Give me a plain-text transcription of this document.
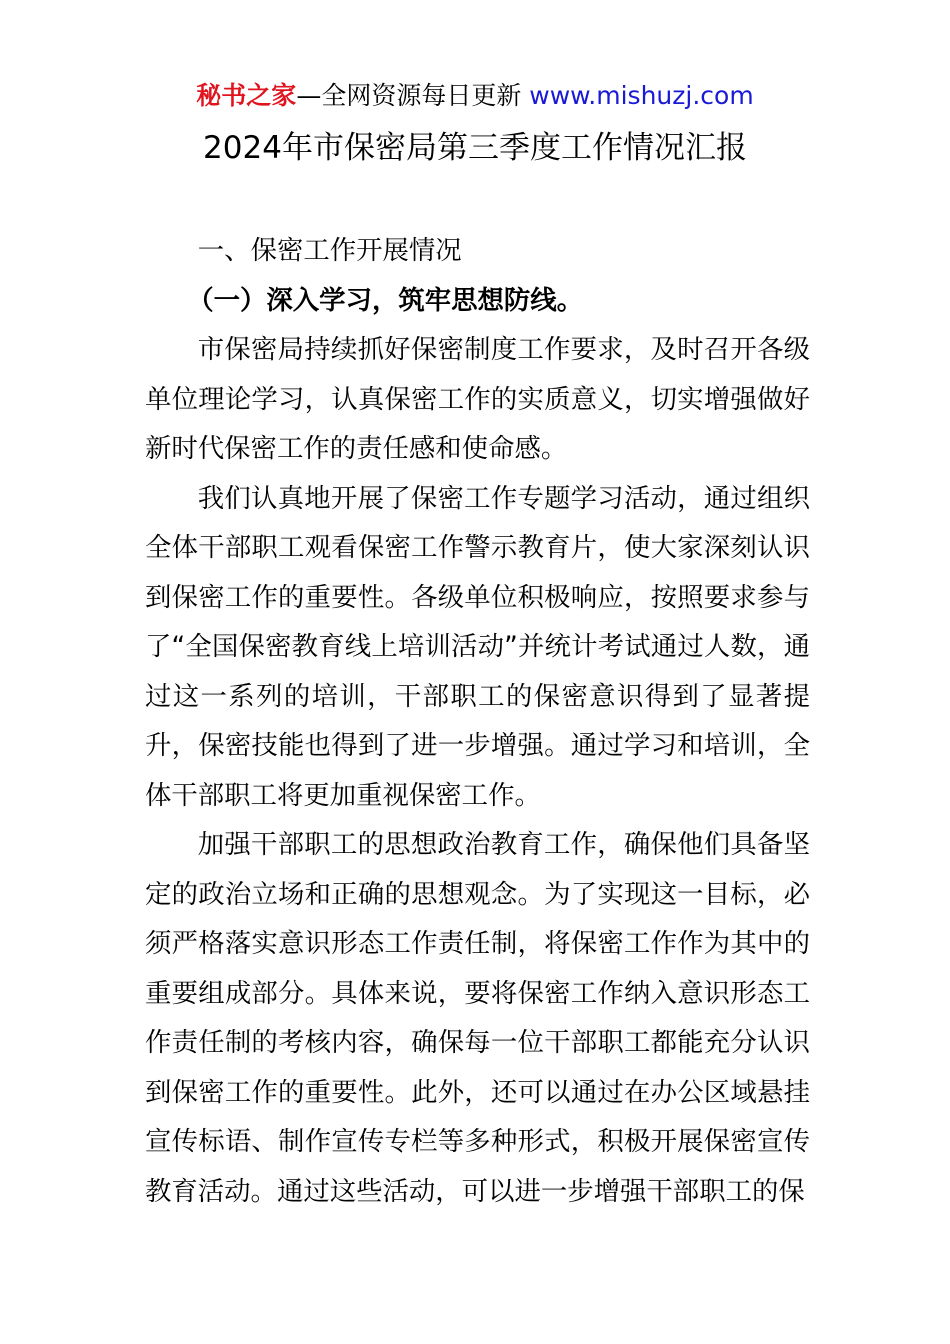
秘书之家—全网资源每日更新 www.mishuzj.com
2024年市保密局第三季度工作情况汇报

一、保密工作开展情况

（一）深入学习，筑牢思想防线。

市保密局持续抓好保密制度工作要求，及时召开各级单位理论学习，认真保密工作的实质意义，切实增强做好新时代保密工作的责任感和使命感。

我们认真地开展了保密工作专题学习活动，通过组织全体干部职工观看保密工作警示教育片，使大家深刻认识到保密工作的重要性。各级单位积极响应，按照要求参与了“全国保密教育线上培训活动”并统计考试通过人数，通过这一系列的培训，干部职工的保密意识得到了显著提升，保密技能也得到了进一步增强。通过学习和培训，全体干部职工将更加重视保密工作。

加强干部职工的思想政治教育工作，确保他们具备坚定的政治立场和正确的思想观念。为了实现这一目标，必须严格落实意识形态工作责任制，将保密工作作为其中的重要组成部分。具体来说，要将保密工作纳入意识形态工作责任制的考核内容，确保每一位干部职工都能充分认识到保密工作的重要性。此外，还可以通过在办公区域悬挂宣传标语、制作宣传专栏等多种形式，积极开展保密宣传教育活动。通过这些活动，可以进一步增强干部职工的保
